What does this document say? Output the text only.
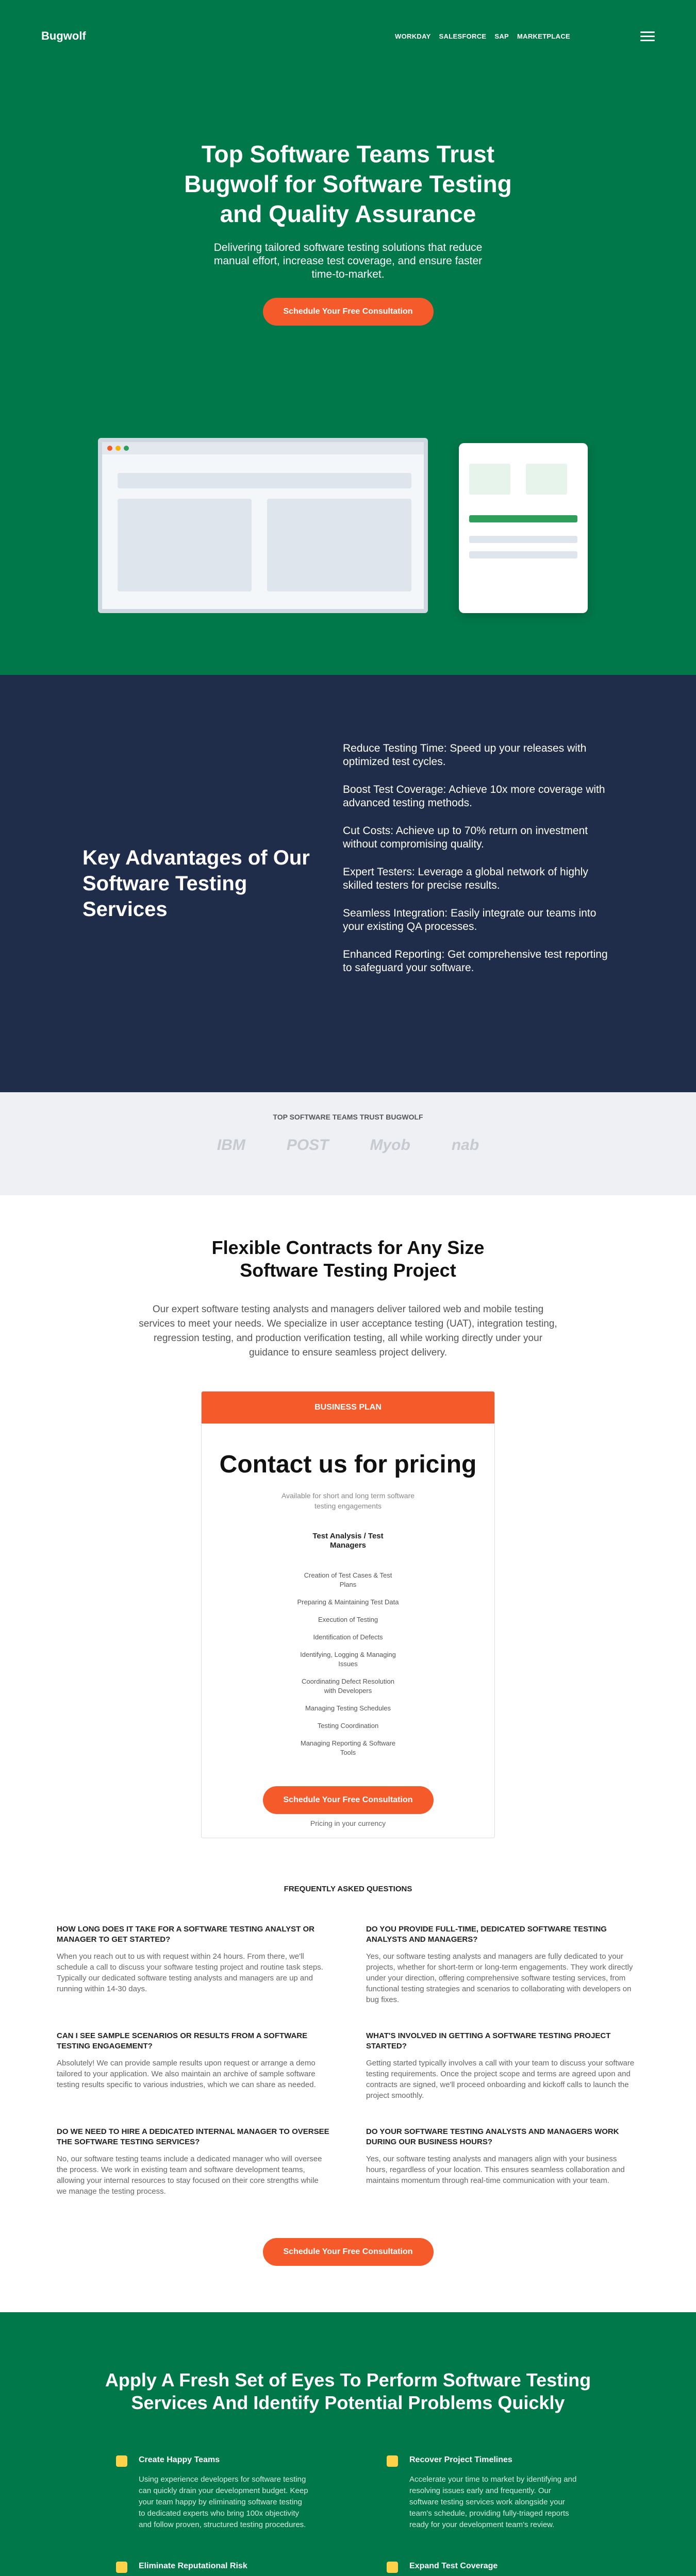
Bugwolf	WORKDAY SALESFORCE SAP MARKETPLACE
Top Software Teams Trust Bugwolf for Software Testing and Quality Assurance

Delivering tailored software testing solutions that reduce manual effort, increase test coverage, and ensure faster time-to-market.

Schedule Your Free Consultation
Key Advantages of Our Software Testing Services
Reduce Testing Time: Speed up your releases with optimized test cycles.
Boost Test Coverage: Achieve 10x more coverage with advanced testing methods.
Cut Costs: Achieve up to 70% return on investment without compromising quality.
Expert Testers: Leverage a global network of highly skilled testers for precise results.
Seamless Integration: Easily integrate our teams into your existing QA processes.
Enhanced Reporting: Get comprehensive test reporting to safeguard your software.
TOP SOFTWARE TEAMS TRUST BUGWOLF
IBM	POST	Myob	nab
Flexible Contracts for Any Size Software Testing Project

Our expert software testing analysts and managers deliver tailored web and mobile testing services to meet your needs. We specialize in user acceptance testing (UAT), integration testing, regression testing, and production verification testing, all while working directly under your guidance to ensure seamless project delivery.

BUSINESS PLAN
Contact us for pricing
Available for short and long term software testing engagements
Test Analysis / Test Managers
Creation of Test Cases & Test Plans
Preparing & Maintaining Test Data
Execution of Testing
Identification of Defects
Identifying, Logging & Managing Issues
Coordinating Defect Resolution with Developers
Managing Testing Schedules
Testing Coordination
Managing Reporting & Software Tools
Schedule Your Free Consultation
Pricing in your currency
FREQUENTLY ASKED QUESTIONS
HOW LONG DOES IT TAKE FOR A SOFTWARE TESTING ANALYST OR MANAGER TO GET STARTED?

When you reach out to us with request within 24 hours. From there, we'll schedule a call to discuss your software testing project and routine task steps. Typically our dedicated software testing analysts and managers are up and running within 14-30 days.

DO YOU PROVIDE FULL-TIME, DEDICATED SOFTWARE TESTING ANALYSTS AND MANAGERS?

Yes, our software testing analysts and managers are fully dedicated to your projects, whether for short-term or long-term engagements. They work directly under your direction, offering comprehensive software testing services, from functional testing strategies and scenarios to collaborating with developers on bug fixes.

CAN I SEE SAMPLE SCENARIOS OR RESULTS FROM A SOFTWARE TESTING ENGAGEMENT?

Absolutely! We can provide sample results upon request or arrange a demo tailored to your application. We also maintain an archive of sample software testing results specific to various industries, which we can share as needed.

WHAT'S INVOLVED IN GETTING A SOFTWARE TESTING PROJECT STARTED?

Getting started typically involves a call with your team to discuss your software testing requirements. Once the project scope and terms are agreed upon and contracts are signed, we'll proceed onboarding and kickoff calls to launch the project smoothly.

DO WE NEED TO HIRE A DEDICATED INTERNAL MANAGER TO OVERSEE THE SOFTWARE TESTING SERVICES?

No, our software testing teams include a dedicated manager who will oversee the process. We work in existing team and software development teams, allowing your internal resources to stay focused on their core strengths while we manage the testing process.

DO YOUR SOFTWARE TESTING ANALYSTS AND MANAGERS WORK DURING OUR BUSINESS HOURS?

Yes, our software testing analysts and managers align with your business hours, regardless of your location. This ensures seamless collaboration and maintains momentum through real-time communication with your team.

Schedule Your Free Consultation
Apply A Fresh Set of Eyes To Perform Software Testing Services And Identify Potential Problems Quickly
Create Happy Teams

Using experience developers for software testing can quickly drain your development budget. Keep your team happy by eliminating software testing to dedicated experts who bring 100x objectivity and follow proven, structured testing procedures.

Recover Project Timelines

Accelerate your time to market by identifying and resolving issues early and frequently. Our software testing services work alongside your team's schedule, providing fully-triaged reports ready for your development team's review.

Eliminate Reputational Risk	Expand Test Coverage
